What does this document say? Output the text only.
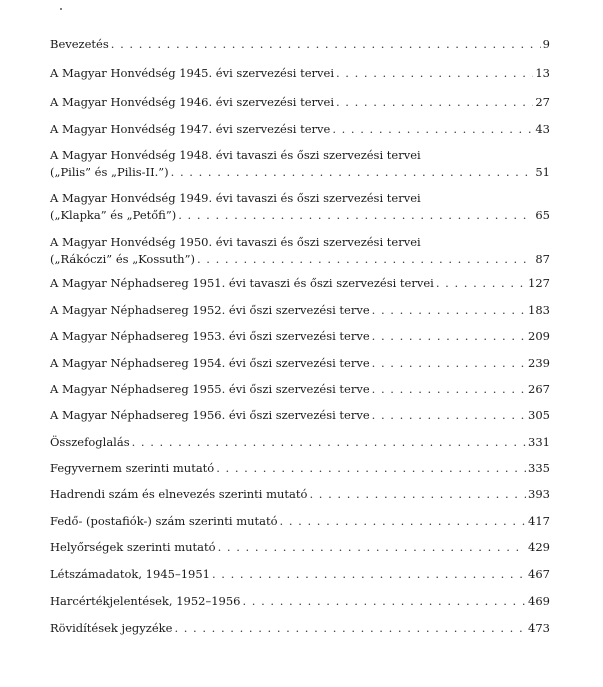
Bevezetés . . .	9
A Magyar Honvédség 1945. évi szervezési tervei . . .	13
A Magyar Honvédség 1946. évi szervezési tervei . . .	27
A Magyar Honvédség 1947. évi szervezési terve . . .	43
A Magyar Honvédség 1948. évi tavaszi és őszi szervezési tervei
(„Pilis” és „Pilis-II.”) . . .	51
A Magyar Honvédség 1949. évi tavaszi és őszi szervezési tervei
(„Klapka” és „Petőfi”) . . .	65
A Magyar Honvédség 1950. évi tavaszi és őszi szervezési tervei
(„Rákóczi” és „Kossuth”) . . .	87
A Magyar Néphadsereg 1951. évi tavaszi és őszi szervezési tervei . . .	127
A Magyar Néphadsereg 1952. évi őszi szervezési terve . . .	183
A Magyar Néphadsereg 1953. évi őszi szervezési terve . . .	209
A Magyar Néphadsereg 1954. évi őszi szervezési terve . . .	239
A Magyar Néphadsereg 1955. évi őszi szervezési terve . . .	267
A Magyar Néphadsereg 1956. évi őszi szervezési terve . . .	305
Összefoglalás . . .	331
Fegyvernem szerinti mutató . . .	335
Hadrendi szám és elnevezés szerinti mutató . . .	393
Fedő- (postafiók-) szám szerinti mutató . . .	417
Helyőrségek szerinti mutató . . .	429
Létszámadatok, 1945–1951 . . .	467
Harcértékjelentések, 1952–1956 . . .	469
Rövidítések jegyzéke . . .	473
